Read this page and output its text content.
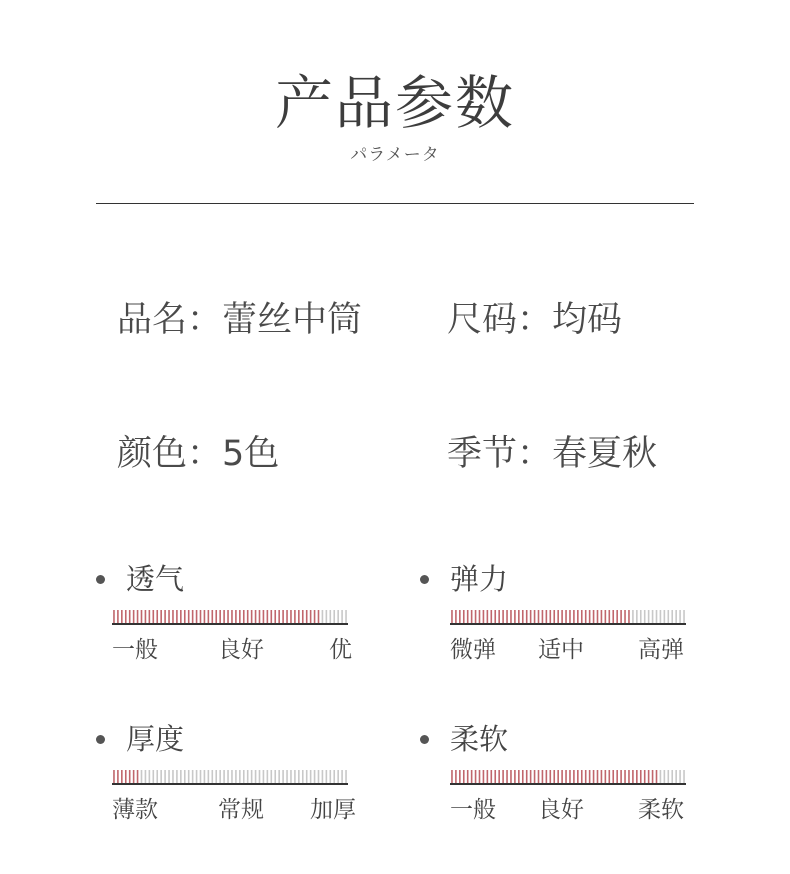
产品参数
パラメータ
品名：蕾丝中筒 尺码：均码
颜色：5色	季节：春夏秋
透气
一般	良好	优
弹力
微弹 适中 高弹
厚度
薄款	常规 加厚
柔软
一般 良好 柔软
